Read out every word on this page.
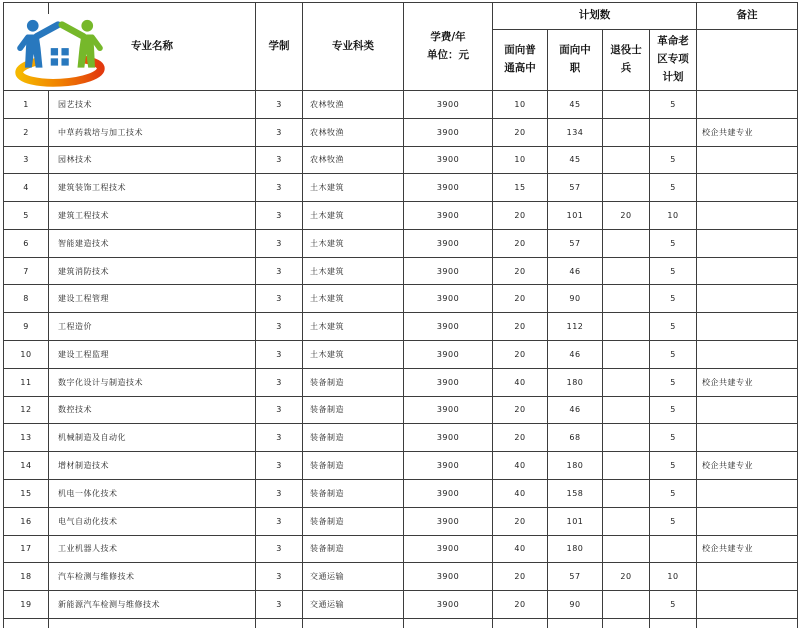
	专业名称	学制	专业科类	学费/年
单位：元	计划数				备注
					面向普通高中	面向中职	退役士兵	革命老区专项计划	
1	园艺技术	3	农林牧渔	3900	10	45		5	
2	中草药栽培与加工技术	3	农林牧渔	3900	20	134			校企共建专业
3	园林技术	3	农林牧渔	3900	10	45		5	
4	建筑装饰工程技术	3	土木建筑	3900	15	57		5	
5	建筑工程技术	3	土木建筑	3900	20	101	20	10	
6	智能建造技术	3	土木建筑	3900	20	57		5	
7	建筑消防技术	3	土木建筑	3900	20	46		5	
8	建设工程管理	3	土木建筑	3900	20	90		5	
9	工程造价	3	土木建筑	3900	20	112		5	
10	建设工程监理	3	土木建筑	3900	20	46		5	
11	数字化设计与制造技术	3	装备制造	3900	40	180		5	校企共建专业
12	数控技术	3	装备制造	3900	20	46		5	
13	机械制造及自动化	3	装备制造	3900	20	68		5	
14	增材制造技术	3	装备制造	3900	40	180		5	校企共建专业
15	机电一体化技术	3	装备制造	3900	40	158		5	
16	电气自动化技术	3	装备制造	3900	20	101		5	
17	工业机器人技术	3	装备制造	3900	40	180			校企共建专业
18	汽车检测与维修技术	3	交通运输	3900	20	57	20	10	
19	新能源汽车检测与维修技术	3	交通运输	3900	20	90		5	
